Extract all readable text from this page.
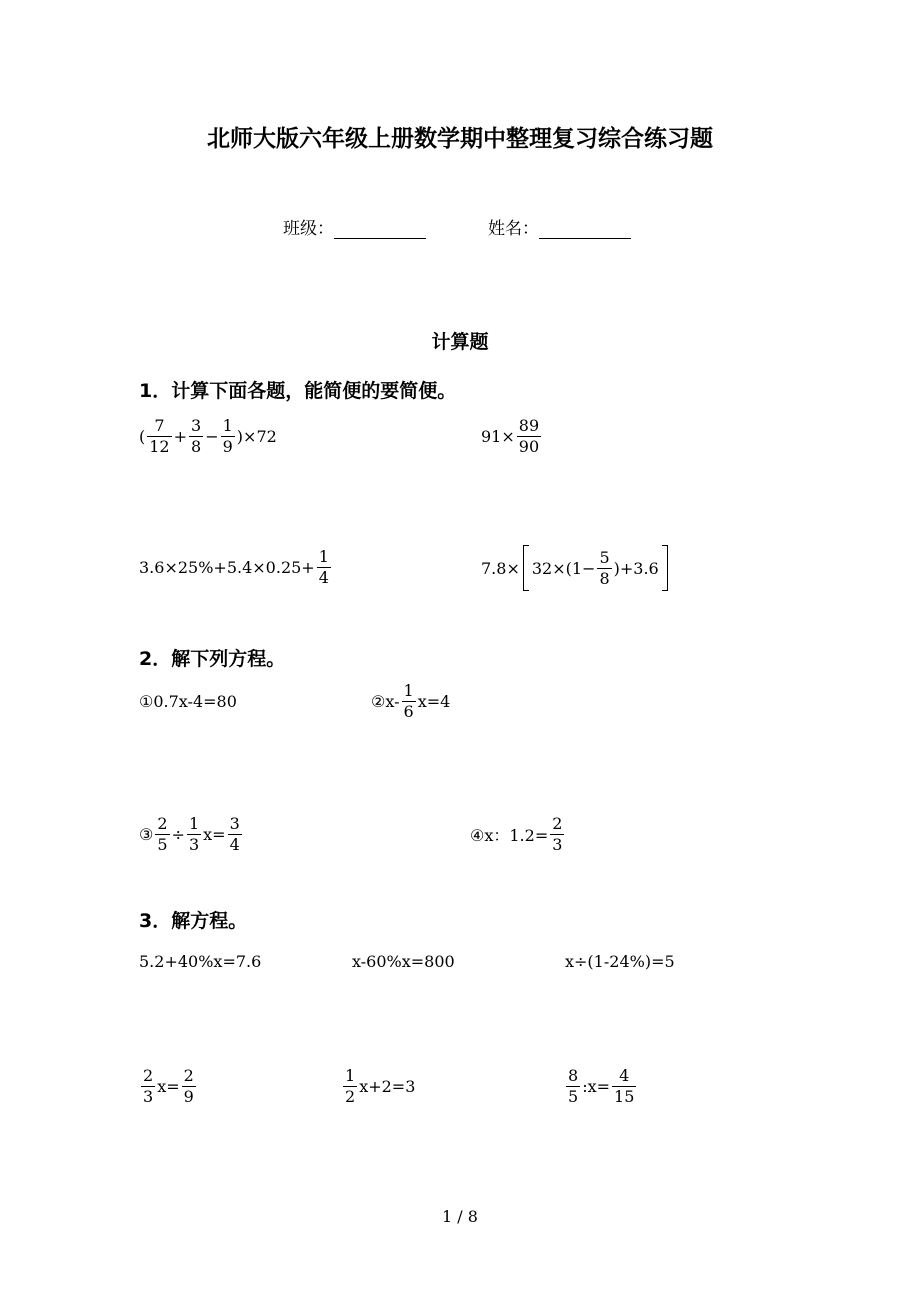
北师大版六年级上册数学期中整理复习综合练习题
班级：	姓名：
计算题
1．计算下面各题，能简便的要简便。
( $\frac{7}{12} + \frac{3}{8} - \frac{1}{9} )\times 72$	$91\times \frac{89}{90}$
$3.6\times 25\%+5.4\times 0.25+ \frac{1}{4}$	$7.8\times 32\times(1- \frac{5}{8} )+3.6$
2．解下列方程。
①0.7x-4=80	②x- $\frac{1}{6} x=4$
③ $\frac{2}{5} \div \frac{1}{3} x= \frac{3}{4}$	④x：$1.2= \frac{2}{3}$
3．解方程。
5.2+40%x=7.6	x-60%x=800	x÷(1-24%)=5
$\frac{2}{3} x= \frac{2}{9}$	$\frac{1}{2} x+2=3$	$\frac{8}{5}$ :x= $\frac{4}{15}$
1 / 8
